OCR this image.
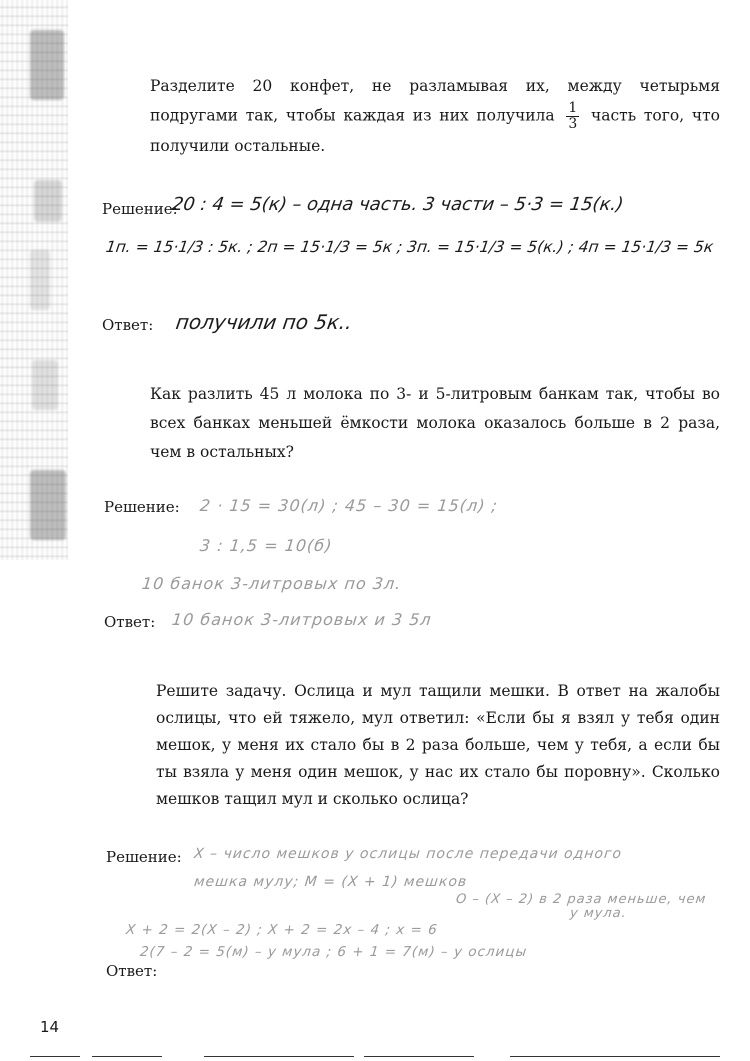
Разделите 20 конфет, не разламывая их, между четырьмя подругами так, чтобы каждая из них получила $\frac{1}{3}$ часть того, что получили остальные.

Решение:
20 : 4 = 5(к) – одна часть. 3 части – 5·3 = 15(к.)
1п. = 15·1/3 : 5к. ; 2п = 15·1/3 = 5к ; 3п. = 15·1/3 = 5(к.) ; 4п = 15·1/3 = 5к
Ответ: получили по 5к..

Как разлить 45 л молока по 3- и 5-литровым банкам так, чтобы во всех банках меньшей ёмкости молока оказалось больше в 2 раза, чем в остальных?

Решение: 2 · 15 = 30(л) ; 45 – 30 = 15(л) ;
3 : 1,5 = 10(б)
10 банок 3-литровых по 3л.
Ответ: 10 банок 3-литровых и 3 5л

Решите задачу. Ослица и мул тащили мешки. В ответ на жалобы ослицы, что ей тяжело, мул ответил: «Если бы я взял у тебя один мешок, у меня их стало бы в 2 раза больше, чем у тебя, а если бы ты взяла у меня один мешок, у нас их стало бы поровну». Сколько мешков тащил мул и сколько ослица?

Решение: Х – число мешков у ослицы после передачи одного
мешка мулу; М = (Х + 1) мешков
О – (Х – 2) в 2 раза меньше, чем
у мула.
Х + 2 = 2(Х – 2) ; Х + 2 = 2х – 4 ; х = 6
2(7 – 2 = 5(м) – у мула ; 6 + 1 = 7(м) – у ослицы
Ответ:
14
